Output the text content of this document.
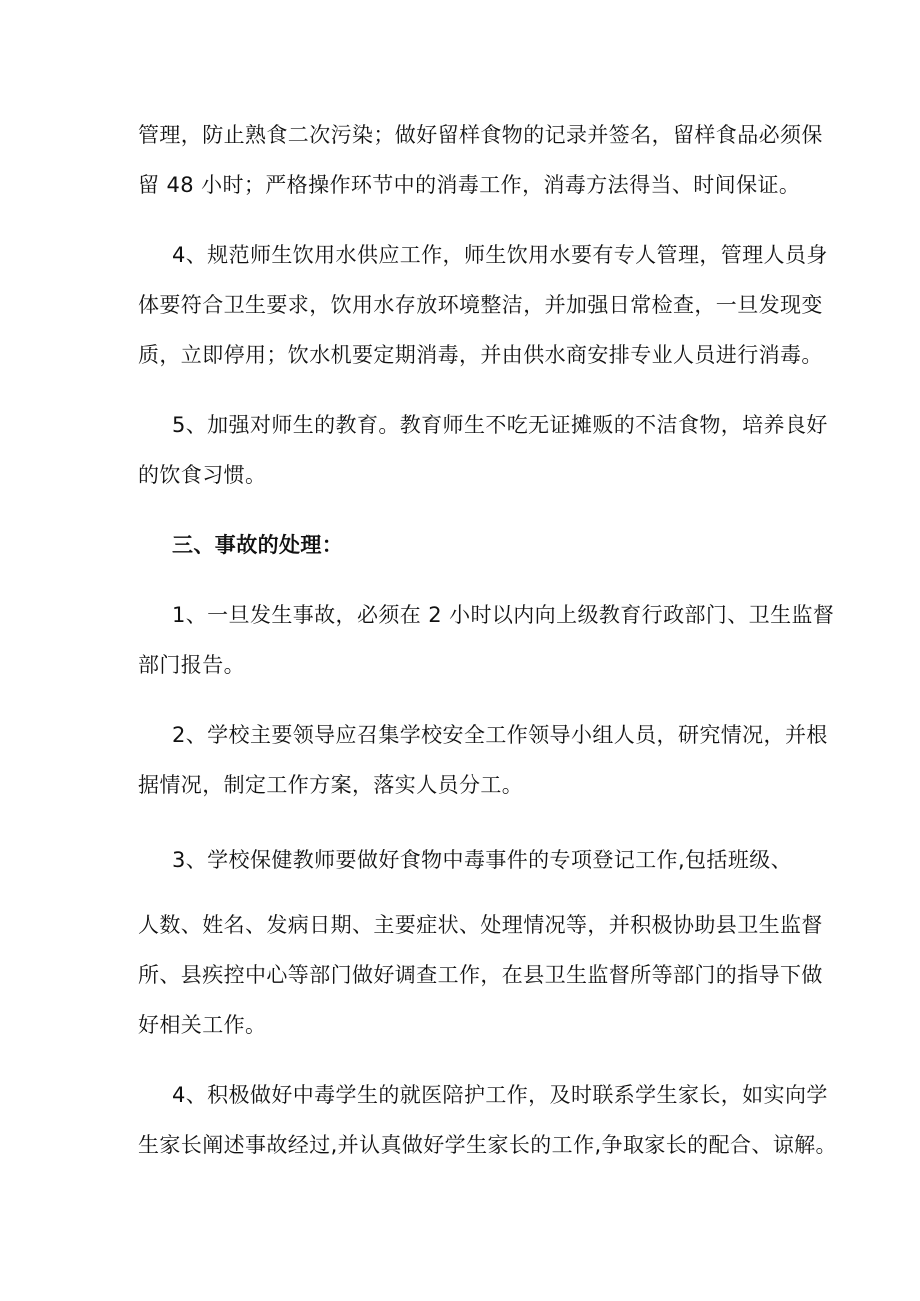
管理，防止熟食二次污染；做好留样食物的记录并签名，留样食品必须保
留 48 小时；严格操作环节中的消毒工作，消毒方法得当、时间保证。
4、规范师生饮用水供应工作，师生饮用水要有专人管理，管理人员身
体要符合卫生要求，饮用水存放环境整洁，并加强日常检查，一旦发现变
质，立即停用；饮水机要定期消毒，并由供水商安排专业人员进行消毒。
5、加强对师生的教育。教育师生不吃无证摊贩的不洁食物，培养良好
的饮食习惯。
三、事故的处理：
1、一旦发生事故，必须在 2 小时以内向上级教育行政部门、卫生监督
部门报告。
2、学校主要领导应召集学校安全工作领导小组人员，研究情况，并根
据情况，制定工作方案，落实人员分工。
3、学校保健教师要做好食物中毒事件的专项登记工作,包括班级、
人数、姓名、发病日期、主要症状、处理情况等，并积极协助县卫生监督
所、县疾控中心等部门做好调查工作，在县卫生监督所等部门的指导下做
好相关工作。
4、积极做好中毒学生的就医陪护工作，及时联系学生家长，如实向学
生家长阐述事故经过,并认真做好学生家长的工作,争取家长的配合、谅解。
